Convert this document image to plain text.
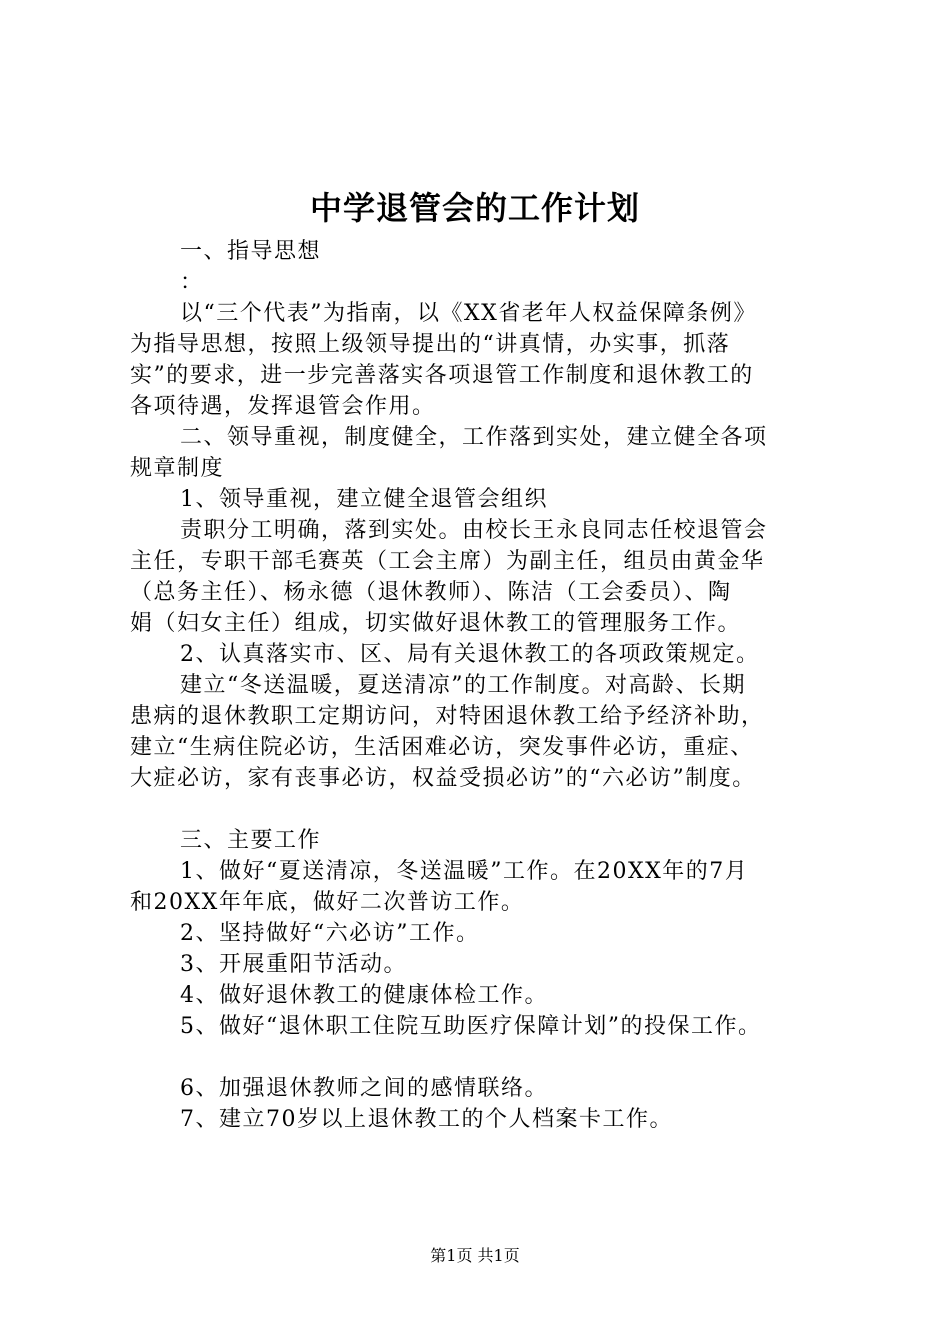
中学退管会的工作计划
一、指导思想
：
以“三个代表”为指南，以《XX省老年人权益保障条例》
为指导思想，按照上级领导提出的“讲真情，办实事，抓落
实”的要求，进一步完善落实各项退管工作制度和退休教工的
各项待遇，发挥退管会作用。
二、领导重视，制度健全，工作落到实处，建立健全各项
规章制度
1、领导重视，建立健全退管会组织
责职分工明确，落到实处。由校长王永良同志任校退管会
主任，专职干部毛赛英（工会主席）为副主任，组员由黄金华
（总务主任）、杨永德（退休教师）、陈洁（工会委员）、陶
娟（妇女主任）组成，切实做好退休教工的管理服务工作。
2、认真落实市、区、局有关退休教工的各项政策规定。
建立“冬送温暖，夏送清凉”的工作制度。对高龄、长期
患病的退休教职工定期访问，对特困退休教工给予经济补助，
建立“生病住院必访，生活困难必访，突发事件必访，重症、
大症必访，家有丧事必访，权益受损必访”的“六必访”制度。
三、主要工作
1、做好“夏送清凉，冬送温暖”工作。在20XX年的7月
和20XX年年底，做好二次普访工作。
2、坚持做好“六必访”工作。
3、开展重阳节活动。
4、做好退休教工的健康体检工作。
5、做好“退休职工住院互助医疗保障计划”的投保工作。
6、加强退休教师之间的感情联络。
7、建立70岁以上退休教工的个人档案卡工作。
第1页 共1页
